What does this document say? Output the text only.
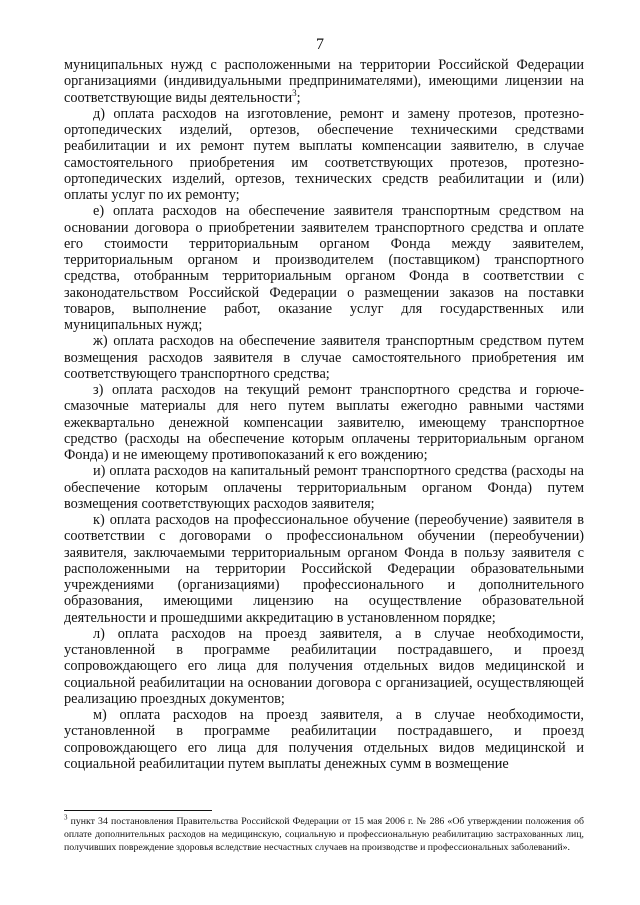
7

муниципальных нужд с расположенными на территории Российской Федерации организациями (индивидуальными предпринимателями), имеющими лицензии на соответствующие виды деятельности$^3$;

д) оплата расходов на изготовление, ремонт и замену протезов, протезно-ортопедических изделий, ортезов, обеспечение техническими средствами реабилитации и их ремонт путем выплаты компенсации заявителю, в случае самостоятельного приобретения им соответствующих протезов, протезно-ортопедических изделий, ортезов, технических средств реабилитации и (или) оплаты услуг по их ремонту;

е) оплата расходов на обеспечение заявителя транспортным средством на основании договора о приобретении заявителем транспортного средства и оплате его стоимости территориальным органом Фонда между заявителем, территориальным органом и производителем (поставщиком) транспортного средства, отобранным территориальным органом Фонда в соответствии с законодательством Российской Федерации о размещении заказов на поставки товаров, выполнение работ, оказание услуг для государственных или муниципальных нужд;

ж) оплата расходов на обеспечение заявителя транспортным средством путем возмещения расходов заявителя в случае самостоятельного приобретения им соответствующего транспортного средства;

з) оплата расходов на текущий ремонт транспортного средства и горюче-смазочные материалы для него путем выплаты ежегодно равными частями ежеквартально денежной компенсации заявителю, имеющему транспортное средство (расходы на обеспечение которым оплачены территориальным органом Фонда) и не имеющему противопоказаний к его вождению;

и) оплата расходов на капитальный ремонт транспортного средства (расходы на обеспечение которым оплачены территориальным органом Фонда) путем возмещения соответствующих расходов заявителя;

к) оплата расходов на профессиональное обучение (переобучение) заявителя в соответствии с договорами о профессиональном обучении (переобучении) заявителя, заключаемыми территориальным органом Фонда в пользу заявителя с расположенными на территории Российской Федерации образовательными учреждениями (организациями) профессионального и дополнительного образования, имеющими лицензию на осуществление образовательной деятельности и прошедшими аккредитацию в установленном порядке;

л) оплата расходов на проезд заявителя, а в случае необходимости, установленной в программе реабилитации пострадавшего, и проезд сопровождающего его лица для получения отдельных видов медицинской и социальной реабилитации на основании договора с организацией, осуществляющей реализацию проездных документов;

м) оплата расходов на проезд заявителя, а в случае необходимости, установленной в программе реабилитации пострадавшего, и проезд сопровождающего его лица для получения отдельных видов медицинской и социальной реабилитации путем выплаты денежных сумм в возмещение

$^3$ пункт 34 постановления Правительства Российской Федерации от 15 мая 2006 г. № 286 «Об утверждении положения об оплате дополнительных расходов на медицинскую, социальную и профессиональную реабилитацию застрахованных лиц, получивших повреждение здоровья вследствие несчастных случаев на производстве и профессиональных заболеваний».
